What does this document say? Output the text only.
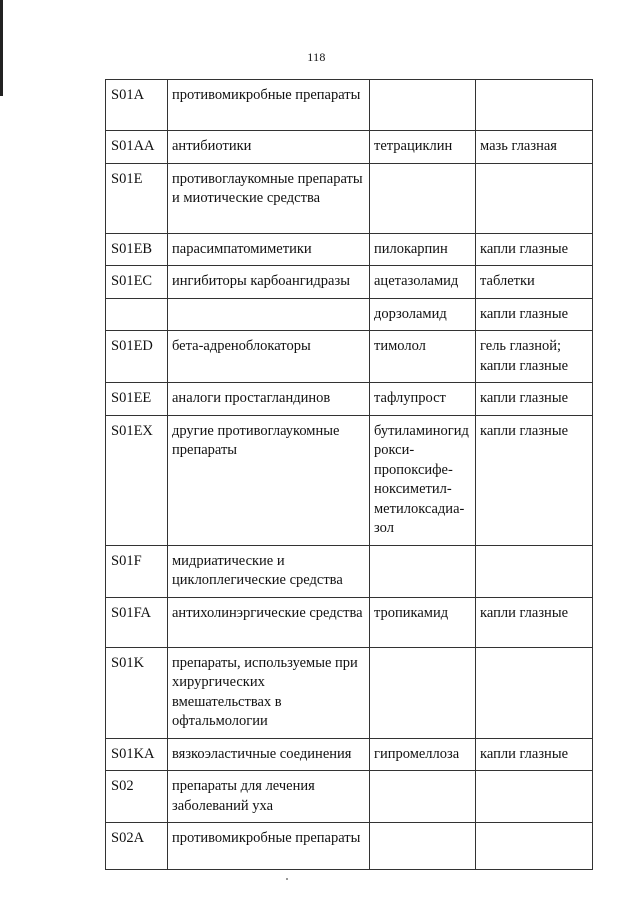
118
S01A	противомикробные препараты		
S01AA	антибиотики	тетрациклин	мазь глазная
S01E	противоглаукомные препараты и миотические средства		
S01EB	парасимпатомиметики	пилокарпин	капли глазные
S01EC	ингибиторы карбоангидразы	ацетазоламид	таблетки
		дорзоламид	капли глазные
S01ED	бета-адреноблокаторы	тимолол	гель глазной; капли глазные
S01EE	аналоги простагландинов	тафлупрост	капли глазные
S01EX	другие противоглаукомные препараты	бутиламиногид рокси-пропоксифе-ноксиметил-метилоксадиа-зол	капли глазные
S01F	мидриатические и циклоплегические средства		
S01FA	антихолинэргические средства	тропикамид	капли глазные
S01K	препараты, используемые при хирургических вмешательствах в офтальмологии		
S01KA	вязкоэластичные соединения	гипромеллоза	капли глазные
S02	препараты для лечения заболеваний уха		
S02A	противомикробные препараты		
